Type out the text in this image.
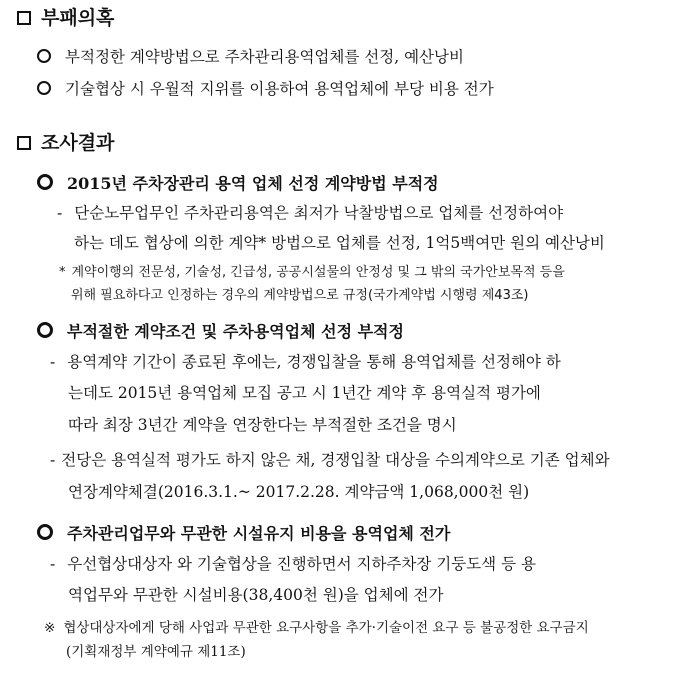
부패의혹
부적정한 계약방법으로 주차관리용역업체를 선정, 예산낭비
기술협상 시 우월적 지위를 이용하여 용역업체에 부당 비용 전가
조사결과
2015년 주차장관리 용역 업체 선정 계약방법 부적정
- 단순노무업무인 주차관리용역은 최저가 낙찰방법으로 업체를 선정하여야
하는 데도 협상에 의한 계약* 방법으로 업체를 선정, 1억5백여만 원의 예산낭비
* 계약이행의 전문성, 기술성, 긴급성, 공공시설물의 안정성 및 그 밖의 국가안보목적 등을
위해 필요하다고 인정하는 경우의 계약방법으로 규정(국가계약법 시행령 제43조)
부적절한 계약조건 및 주차용역업체 선정 부적정
- 용역계약 기간이 종료된 후에는, 경쟁입찰을 통해 용역업체를 선정해야 하
는데도 2015년 용역업체 모집 공고 시 1년간 계약 후 용역실적 평가에
따라 최장 3년간 계약을 연장한다는 부적절한 조건을 명시
- 전당은 용역실적 평가도 하지 않은 채, 경쟁입찰 대상을 수의계약으로 기존 업체와
연장계약체결(2016.3.1.~ 2017.2.28. 계약금액 1,068,000천 원)
주차관리업무와 무관한 시설유지 비용을 용역업체 전가
- 우선협상대상자 와 기술협상을 진행하면서 지하주차장 기둥도색 등 용
역업무와 무관한 시설비용(38,400천 원)을 업체에 전가
※ 협상대상자에게 당해 사업과 무관한 요구사항을 추가·기술이전 요구 등 불공정한 요구금지
(기획재정부 계약예규 제11조)
